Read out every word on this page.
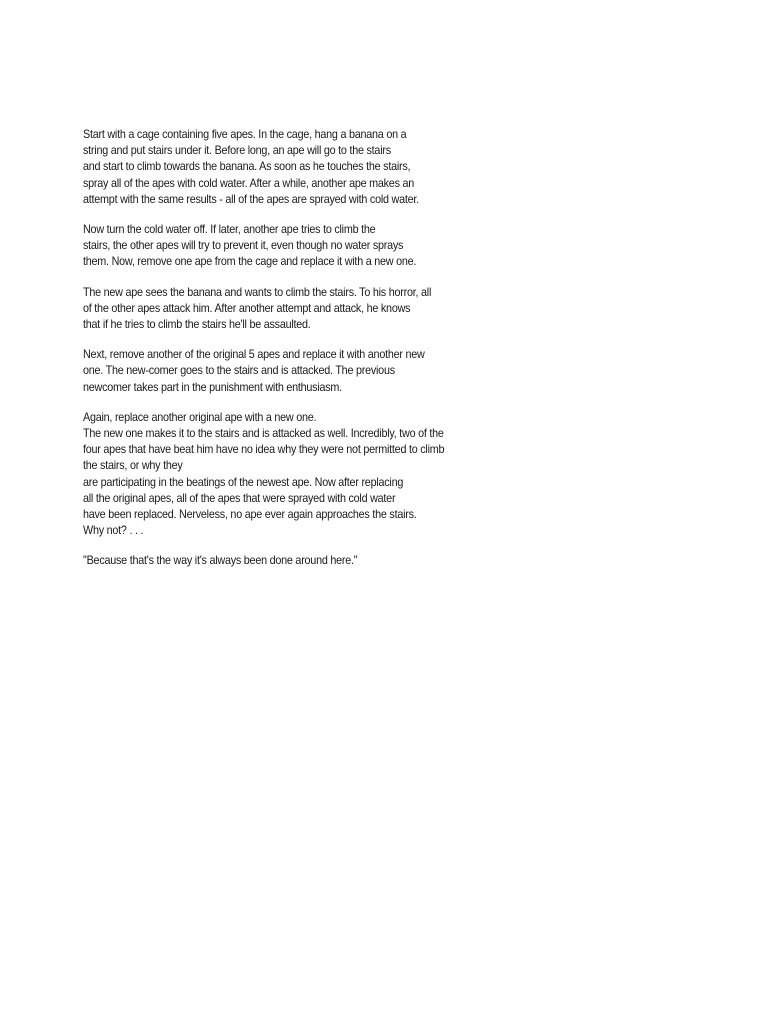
Start with a cage containing five apes. In the cage, hang a banana on a
string and put stairs under it. Before long, an ape will go to the stairs
and start to climb towards the banana. As soon as he touches the stairs,
spray all of the apes with cold water. After a while, another ape makes an
attempt with the same results - all of the apes are sprayed with cold water.

Now turn the cold water off. If later, another ape tries to climb the
stairs, the other apes will try to prevent it, even though no water sprays
them. Now, remove one ape from the cage and replace it with a new one.

The new ape sees the banana and wants to climb the stairs. To his horror, all
of the other apes attack him. After another attempt and attack, he knows
that if he tries to climb the stairs he'll be assaulted.

Next, remove another of the original 5 apes and replace it with another new
one. The new-comer goes to the stairs and is attacked. The previous
newcomer takes part in the punishment with enthusiasm.

Again, replace another original ape with a new one.
The new one makes it to the stairs and is attacked as well. Incredibly, two of the
four apes that have beat him have no idea why they were not permitted to climb
the stairs, or why they
are participating in the beatings of the newest ape. Now after replacing
all the original apes, all of the apes that were sprayed with cold water
have been replaced. Nerveless, no ape ever again approaches the stairs.
Why not? . . .

"Because that's the way it's always been done around here."
